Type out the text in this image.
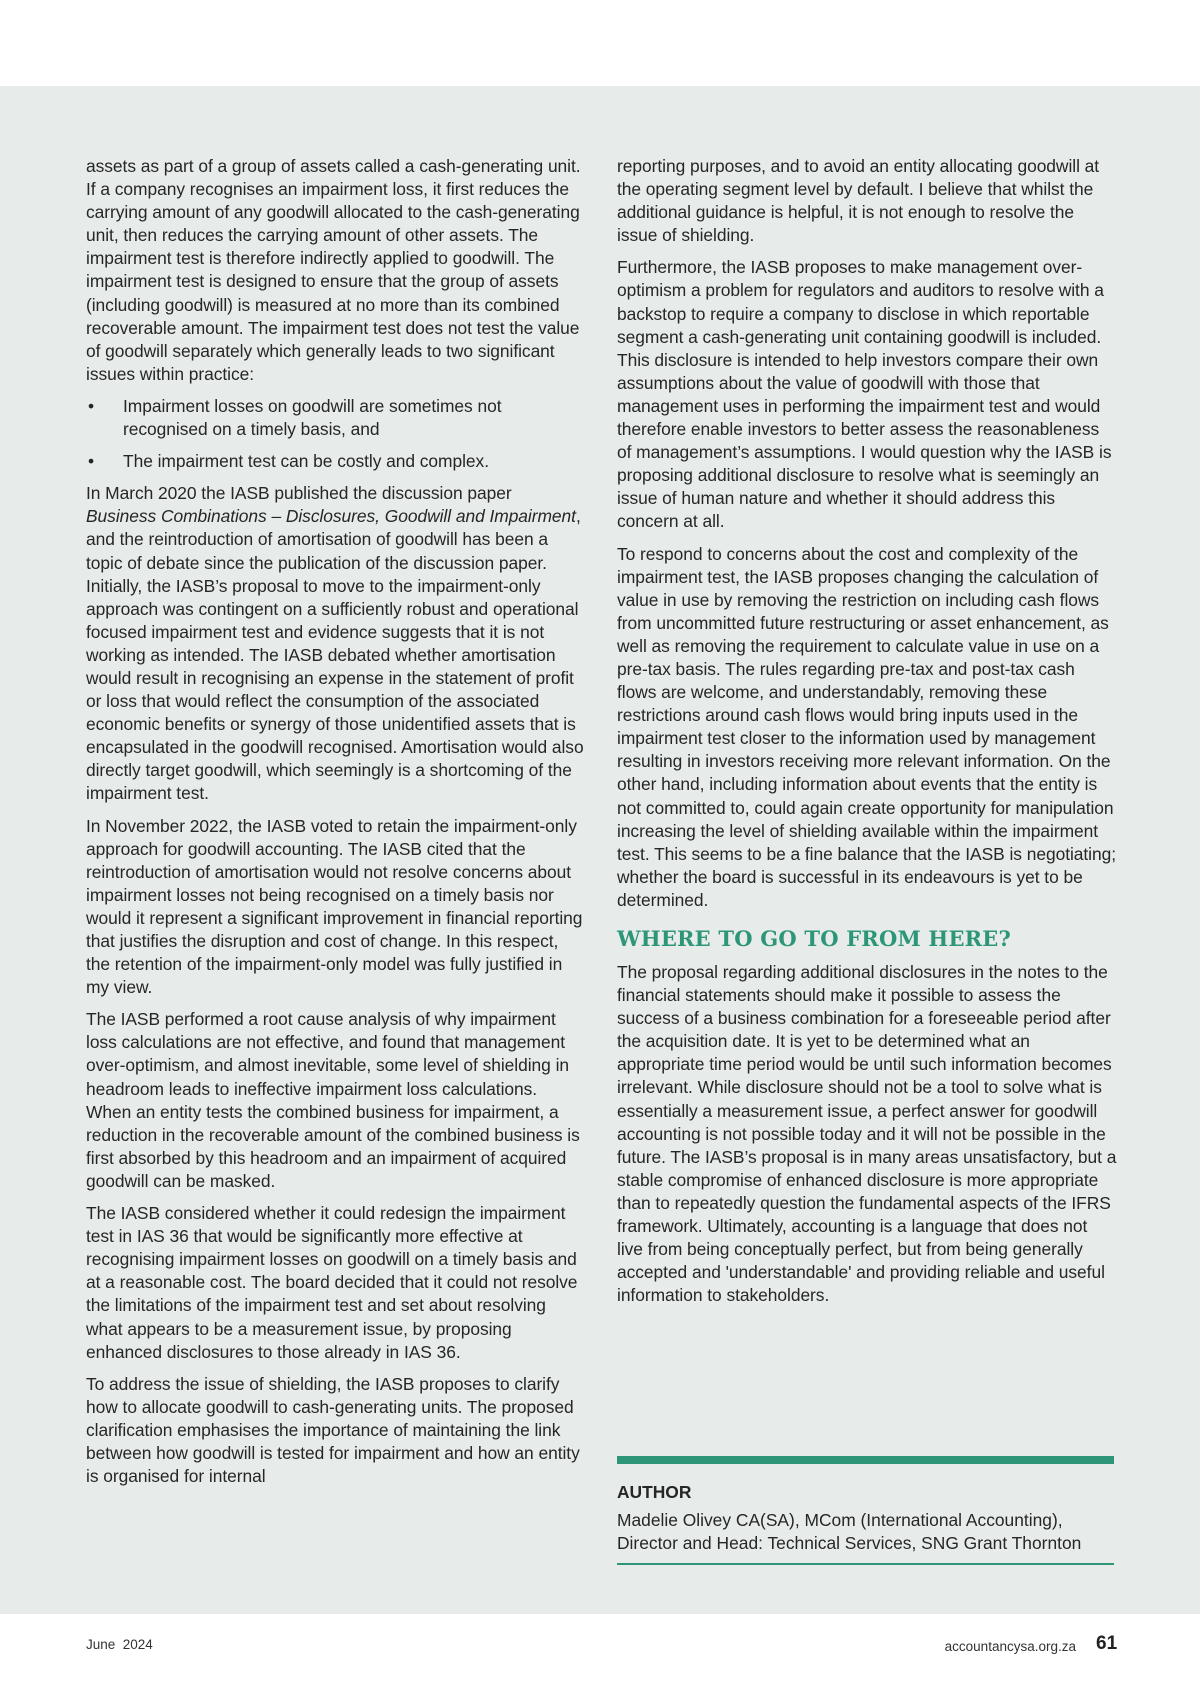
assets as part of a group of assets called a cash-generating unit. If a company recognises an impairment loss, it first reduces the carrying amount of any goodwill allocated to the cash-generating unit, then reduces the carrying amount of other assets. The impairment test is therefore indirectly applied to goodwill. The impairment test is designed to ensure that the group of assets (including goodwill) is measured at no more than its combined recoverable amount. The impairment test does not test the value of goodwill separately which generally leads to two significant issues within practice:

• Impairment losses on goodwill are sometimes not recognised on a timely basis, and
• The impairment test can be costly and complex.

In March 2020 the IASB published the discussion paper Business Combinations – Disclosures, Goodwill and Impairment, and the reintroduction of amortisation of goodwill has been a topic of debate since the publication of the discussion paper. Initially, the IASB’s proposal to move to the impairment-only approach was contingent on a sufficiently robust and operational focused impairment test and evidence suggests that it is not working as intended. The IASB debated whether amortisation would result in recognising an expense in the statement of profit or loss that would reflect the consumption of the associated economic benefits or synergy of those unidentified assets that is encapsulated in the goodwill recognised. Amortisation would also directly target goodwill, which seemingly is a shortcoming of the impairment test.

In November 2022, the IASB voted to retain the impairment-only approach for goodwill accounting. The IASB cited that the reintroduction of amortisation would not resolve concerns about impairment losses not being recognised on a timely basis nor would it represent a significant improvement in financial reporting that justifies the disruption and cost of change. In this respect, the retention of the impairment-only model was fully justified in my view.

The IASB performed a root cause analysis of why impairment loss calculations are not effective, and found that management over-optimism, and almost inevitable, some level of shielding in headroom leads to ineffective impairment loss calculations. When an entity tests the combined business for impairment, a reduction in the recoverable amount of the combined business is first absorbed by this headroom and an impairment of acquired goodwill can be masked.

The IASB considered whether it could redesign the impairment test in IAS 36 that would be significantly more effective at recognising impairment losses on goodwill on a timely basis and at a reasonable cost. The board decided that it could not resolve the limitations of the impairment test and set about resolving what appears to be a measurement issue, by proposing enhanced disclosures to those already in IAS 36.

To address the issue of shielding, the IASB proposes to clarify how to allocate goodwill to cash-generating units. The proposed clarification emphasises the importance of maintaining the link between how goodwill is tested for impairment and how an entity is organised for internal

reporting purposes, and to avoid an entity allocating goodwill at the operating segment level by default. I believe that whilst the additional guidance is helpful, it is not enough to resolve the issue of shielding.

Furthermore, the IASB proposes to make management over-optimism a problem for regulators and auditors to resolve with a backstop to require a company to disclose in which reportable segment a cash-generating unit containing goodwill is included. This disclosure is intended to help investors compare their own assumptions about the value of goodwill with those that management uses in performing the impairment test and would therefore enable investors to better assess the reasonableness of management’s assumptions. I would question why the IASB is proposing additional disclosure to resolve what is seemingly an issue of human nature and whether it should address this concern at all.

To respond to concerns about the cost and complexity of the impairment test, the IASB proposes changing the calculation of value in use by removing the restriction on including cash flows from uncommitted future restructuring or asset enhancement, as well as removing the requirement to calculate value in use on a pre-tax basis. The rules regarding pre-tax and post-tax cash flows are welcome, and understandably, removing these restrictions around cash flows would bring inputs used in the impairment test closer to the information used by management resulting in investors receiving more relevant information. On the other hand, including information about events that the entity is not committed to, could again create opportunity for manipulation increasing the level of shielding available within the impairment test. This seems to be a fine balance that the IASB is negotiating; whether the board is successful in its endeavours is yet to be determined.

WHERE TO GO TO FROM HERE?

The proposal regarding additional disclosures in the notes to the financial statements should make it possible to assess the success of a business combination for a foreseeable period after the acquisition date. It is yet to be determined what an appropriate time period would be until such information becomes irrelevant. While disclosure should not be a tool to solve what is essentially a measurement issue, a perfect answer for goodwill accounting is not possible today and it will not be possible in the future. The IASB’s proposal is in many areas unsatisfactory, but a stable compromise of enhanced disclosure is more appropriate than to repeatedly question the fundamental aspects of the IFRS framework. Ultimately, accounting is a language that does not live from being conceptually perfect, but from being generally accepted and 'understandable' and providing reliable and useful information to stakeholders.

AUTHOR
Madelie Olivey CA(SA), MCom (International Accounting),
Director and Head: Technical Services, SNG Grant Thornton
June  2024	accountancysa.org.za 61
